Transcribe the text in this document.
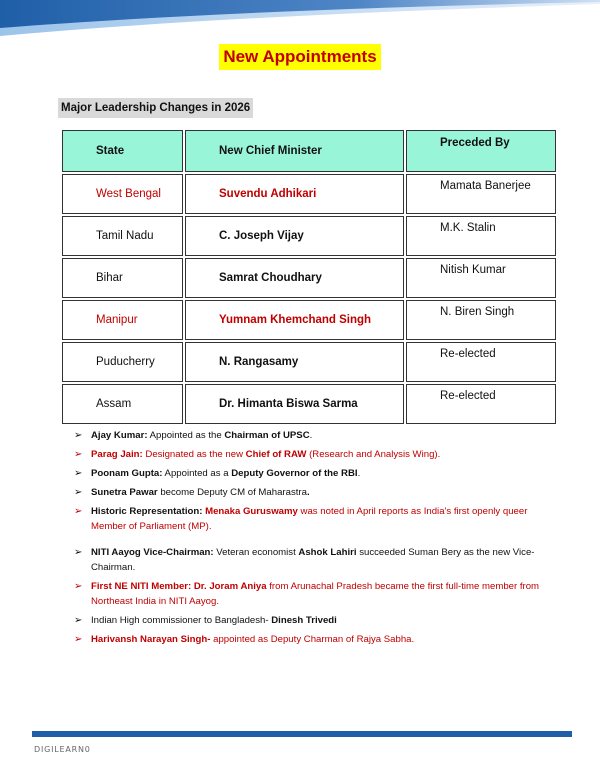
New Appointments
Major Leadership Changes in 2026
State	New Chief Minister	Preceded By
West Bengal	Suvendu Adhikari	Mamata Banerjee
Tamil Nadu	C. Joseph Vijay	M.K. Stalin
Bihar	Samrat Choudhary	Nitish Kumar
Manipur	Yumnam Khemchand Singh	N. Biren Singh
Puducherry	N. Rangasamy	Re-elected
Assam	Dr. Himanta Biswa Sarma	Re-elected
➢ Ajay Kumar: Appointed as the Chairman of UPSC.
➢ Parag Jain: Designated as the new Chief of RAW (Research and Analysis Wing).
➢ Poonam Gupta: Appointed as a Deputy Governor of the RBI.
➢ Sunetra Pawar become Deputy CM of Maharastra.
➢ Historic Representation: Menaka Guruswamy was noted in April reports as India's first openly queer Member of Parliament (MP).
➢ NITI Aayog Vice-Chairman: Veteran economist Ashok Lahiri succeeded Suman Bery as the new Vice-Chairman.
➢ First NE NITI Member: Dr. Joram Aniya from Arunachal Pradesh became the first full-time member from Northeast India in NITI Aayog.
➢ Indian High commissioner to Bangladesh- Dinesh Trivedi
➢ Harivansh Narayan Singh- appointed as Deputy Charman of Rajya Sabha.
DIGILEARN0
